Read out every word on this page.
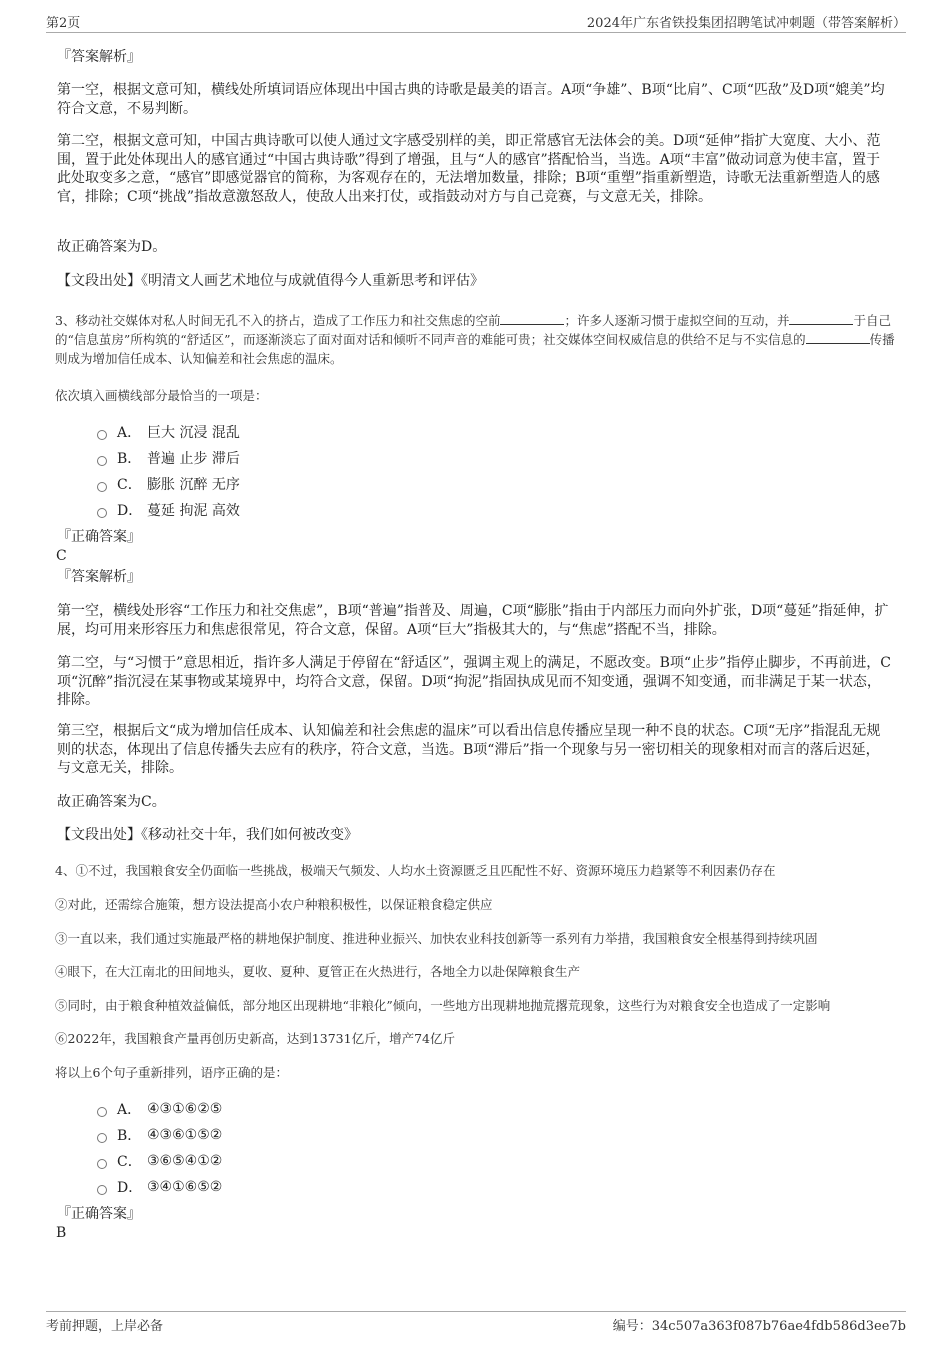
第2页	2024年广东省铁投集团招聘笔试冲刺题（带答案解析）
『答案解析』
第一空，根据文意可知，横线处所填词语应体现出中国古典的诗歌是最美的语言。A项“争雄”、B项“比肩”、C项“匹敌”及D项“媲美”均符合文意，不易判断。
第二空，根据文意可知，中国古典诗歌可以使人通过文字感受别样的美，即正常感官无法体会的美。D项“延伸”指扩大宽度、大小、范围，置于此处体现出人的感官通过“中国古典诗歌”得到了增强，且与“人的感官”搭配恰当，当选。A项“丰富”做动词意为使丰富，置于此处取变多之意，“感官”即感觉器官的简称，为客观存在的，无法增加数量，排除；B项“重塑”指重新塑造，诗歌无法重新塑造人的感官，排除；C项“挑战”指故意激怒敌人，使敌人出来打仗，或指鼓动对方与自己竞赛，与文意无关，排除。
故正确答案为D。
【文段出处】《明清文人画艺术地位与成就值得今人重新思考和评估》
3、移动社交媒体对私人时间无孔不入的挤占，造成了工作压力和社交焦虑的空前	；许多人逐渐习惯于虚拟空间的互动，并	于自己的“信息茧房”所构筑的“舒适区”，而逐渐淡忘了面对面对话和倾听不同声音的难能可贵；社交媒体空间权威信息的供给不足与不实信息的	传播则成为增加信任成本、认知偏差和社会焦虑的温床。
依次填入画横线部分最恰当的一项是：
A． 巨大 沉浸 混乱
B． 普遍 止步 滞后
C． 膨胀 沉醉 无序
D． 蔓延 拘泥 高效
『正确答案』
C
『答案解析』
第一空，横线处形容“工作压力和社交焦虑”，B项“普遍”指普及、周遍，C项“膨胀”指由于内部压力而向外扩张，D项“蔓延”指延伸，扩展，均可用来形容压力和焦虑很常见，符合文意，保留。A项“巨大”指极其大的，与“焦虑”搭配不当，排除。
第二空，与“习惯于”意思相近，指许多人满足于停留在“舒适区”，强调主观上的满足，不愿改变。B项“止步”指停止脚步，不再前进，C项“沉醉”指沉浸在某事物或某境界中，均符合文意，保留。D项“拘泥”指固执成见而不知变通，强调不知变通，而非满足于某一状态，排除。
第三空，根据后文“成为增加信任成本、认知偏差和社会焦虑的温床”可以看出信息传播应呈现一种不良的状态。C项“无序”指混乱无规则的状态，体现出了信息传播失去应有的秩序，符合文意，当选。B项“滞后”指一个现象与另一密切相关的现象相对而言的落后迟延，与文意无关，排除。
故正确答案为C。
【文段出处】《移动社交十年，我们如何被改变》
4、①不过，我国粮食安全仍面临一些挑战，极端天气频发、人均水土资源匮乏且匹配性不好、资源环境压力趋紧等不利因素仍存在
②对此，还需综合施策，想方设法提高小农户种粮积极性，以保证粮食稳定供应
③一直以来，我们通过实施最严格的耕地保护制度、推进种业振兴、加快农业科技创新等一系列有力举措，我国粮食安全根基得到持续巩固
④眼下，在大江南北的田间地头，夏收、夏种、夏管正在火热进行，各地全力以赴保障粮食生产
⑤同时，由于粮食种植效益偏低，部分地区出现耕地“非粮化”倾向，一些地方出现耕地抛荒撂荒现象，这些行为对粮食安全也造成了一定影响
⑥2022年，我国粮食产量再创历史新高，达到13731亿斤，增产74亿斤
将以上6个句子重新排列，语序正确的是：
A． ④③①⑥②⑤
B． ④③⑥①⑤②
C． ③⑥⑤④①②
D． ③④①⑥⑤②
『正确答案』
B
考前押题，上岸必备	编号：34c507a363f087b76ae4fdb586d3ee7b
